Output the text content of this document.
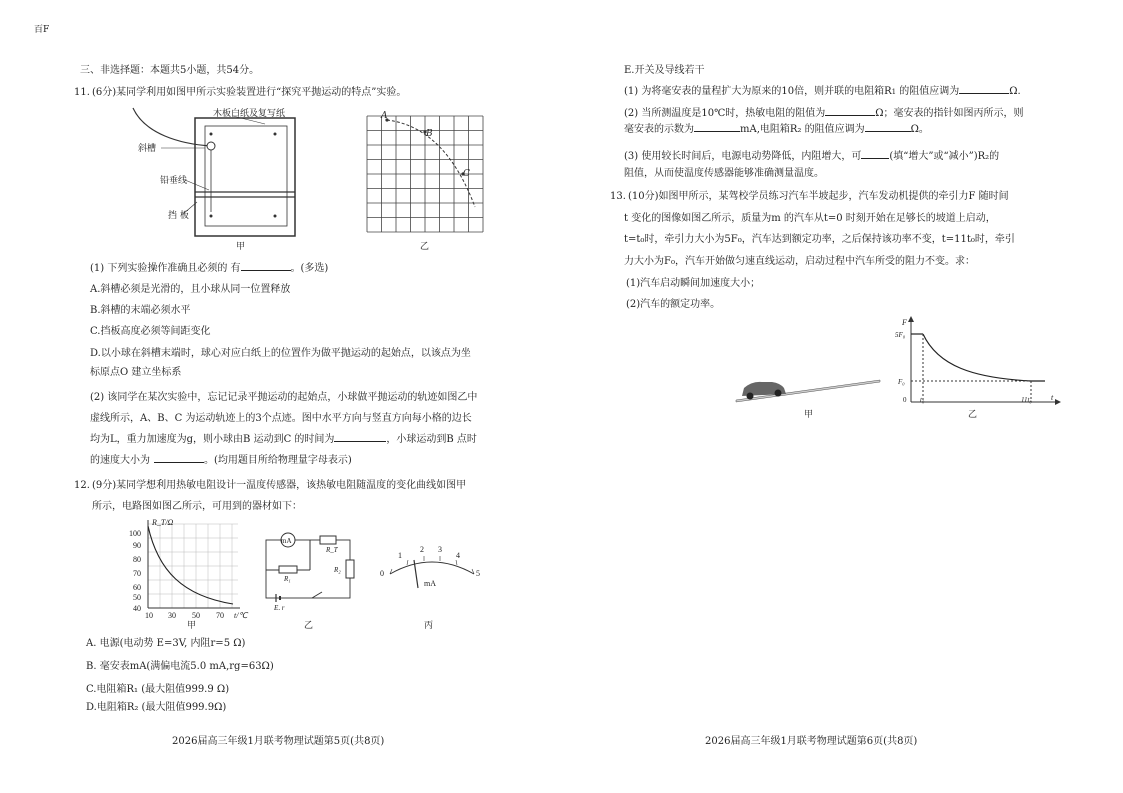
百F
三、非选择题：本题共5小题，共54分。
11. (6分)某同学利用如图甲所示实验装置进行“探究平抛运动的特点”实验。
木板白纸及复写纸
斜槽
铅垂线
挡 板
甲
A
B
C
乙
(1) 下列实验操作准确且必须的 有	。(多选)
A.斜槽必须是光滑的，且小球从同一位置释放
B.斜槽的末端必须水平
C.挡板高度必须等间距变化
D.以小球在斜槽末端时，球心对应白纸上的位置作为做平抛运动的起始点，以该点为坐
标原点O 建立坐标系
(2) 该同学在某次实验中，忘记记录平抛运动的起始点，小球做平抛运动的轨迹如图乙中
虚线所示，A、B、C 为运动轨迹上的3个点迹。图中水平方向与竖直方向每小格的边长
均为L，重力加速度为g，则小球由B 运动到C 的时间为	，小球运动到B 点时
的速度大小为	。(均用题目所给物理量字母表示)
12. (9分)某同学想利用热敏电阻设计一温度传感器，该热敏电阻随温度的变化曲线如图甲
所示，电路图如图乙所示，可用到的器材如下：
100
90
80
70
60
50
40
10 30 50 70
R_T/Ω
t/℃
甲
mA
R_T
R₁
R₂
E, r
乙
0
1
2 3
4
5
mA
丙
A. 电源(电动势 E=3V, 内阻r=5 Ω)
B. 毫安表mA(满偏电流5.0 mA,rg=63Ω)
C.电阻箱R₁ (最大阻值999.9 Ω)
D.电阻箱R₂ (最大阻值999.9Ω)
2026届高三年级1月联考物理试题第5页(共8页)
E.开关及导线若干
(1) 为将毫安表的量程扩大为原来的10倍，则并联的电阻箱R1 的阻值应调为	Ω.
(2) 当所测温度是10℃时，热敏电阻的阻值为	Ω；毫安表的指针如图丙所示，则
毫安表的示数为	mA,电阻箱R₂ 的阻值应调为	Ω。
(3) 使用较长时间后，电源电动势降低，内阻增大，可	(填“增大”或“减小”)R₂的
阻值，从而使温度传感器能够准确测量温度。
13. (10分)如图甲所示，某驾校学员练习汽车半坡起步，汽车发动机提供的牵引力F 随时间
t 变化的图像如图乙所示，质量为m 的汽车从t=0 时刻开始在足够长的坡道上启动，
t=t₀时，牵引力大小为5F₀，汽车达到额定功率，之后保持该功率不变，t=11t₀时，牵引
力大小为F₀，汽车开始做匀速直线运动，启动过程中汽车所受的阻力不变。求：
(1)汽车启动瞬间加速度大小；
(2)汽车的额定功率。
甲
F
5F₀
F₀
0 t₀	11t₀ t
乙
2026届高三年级1月联考物理试题第6页(共8页)
